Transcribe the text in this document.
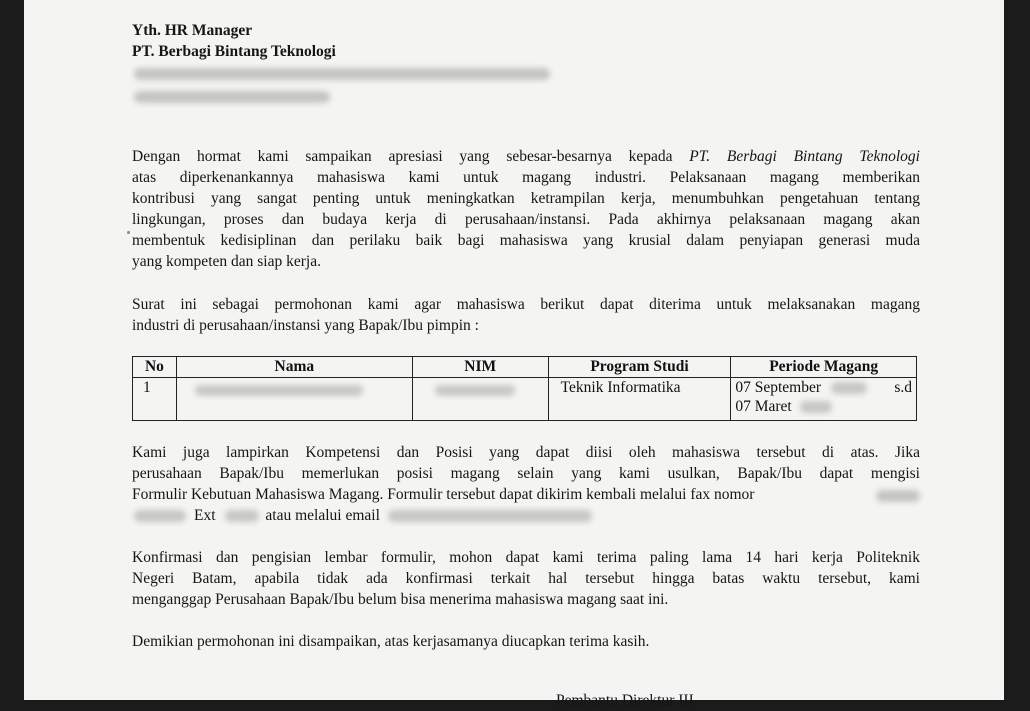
Yth. HR Manager
PT. Berbagi Bintang Teknologi
Dengan hormat kami sampaikan apresiasi yang sebesar-besarnya kepada PT. Berbagi Bintang Teknologi
atas diperkenankannya mahasiswa kami untuk magang industri. Pelaksanaan magang memberikan
kontribusi yang sangat penting untuk meningkatkan ketrampilan kerja, menumbuhkan pengetahuan tentang
lingkungan, proses dan budaya kerja di perusahaan/instansi. Pada akhirnya pelaksanaan magang akan
membentuk kedisiplinan dan perilaku baik bagi mahasiswa yang krusial dalam penyiapan generasi muda
yang kompeten dan siap kerja.
Surat ini sebagai permohonan kami agar mahasiswa berikut dapat diterima untuk melaksanakan magang
industri di perusahaan/instansi yang Bapak/Ibu pimpin :
No	Nama	NIM	Program Studi	Periode Magang
1			Teknik Informatika	07 September s.d
07 Maret
Kami juga lampirkan Kompetensi dan Posisi yang dapat diisi oleh mahasiswa tersebut di atas. Jika
perusahaan Bapak/Ibu memerlukan posisi magang selain yang kami usulkan, Bapak/Ibu dapat mengisi
Formulir Kebutuan Mahasiswa Magang. Formulir tersebut dapat dikirim kembali melalui fax nomor
Ext	atau melalui email
Konfirmasi dan pengisian lembar formulir, mohon dapat kami terima paling lama 14 hari kerja Politeknik
Negeri Batam, apabila tidak ada konfirmasi terkait hal tersebut hingga batas waktu tersebut, kami
menganggap Perusahaan Bapak/Ibu belum bisa menerima mahasiswa magang saat ini.
Demikian permohonan ini disampaikan, atas kerjasamanya diucapkan terima kasih.
Pembantu Direktur III
